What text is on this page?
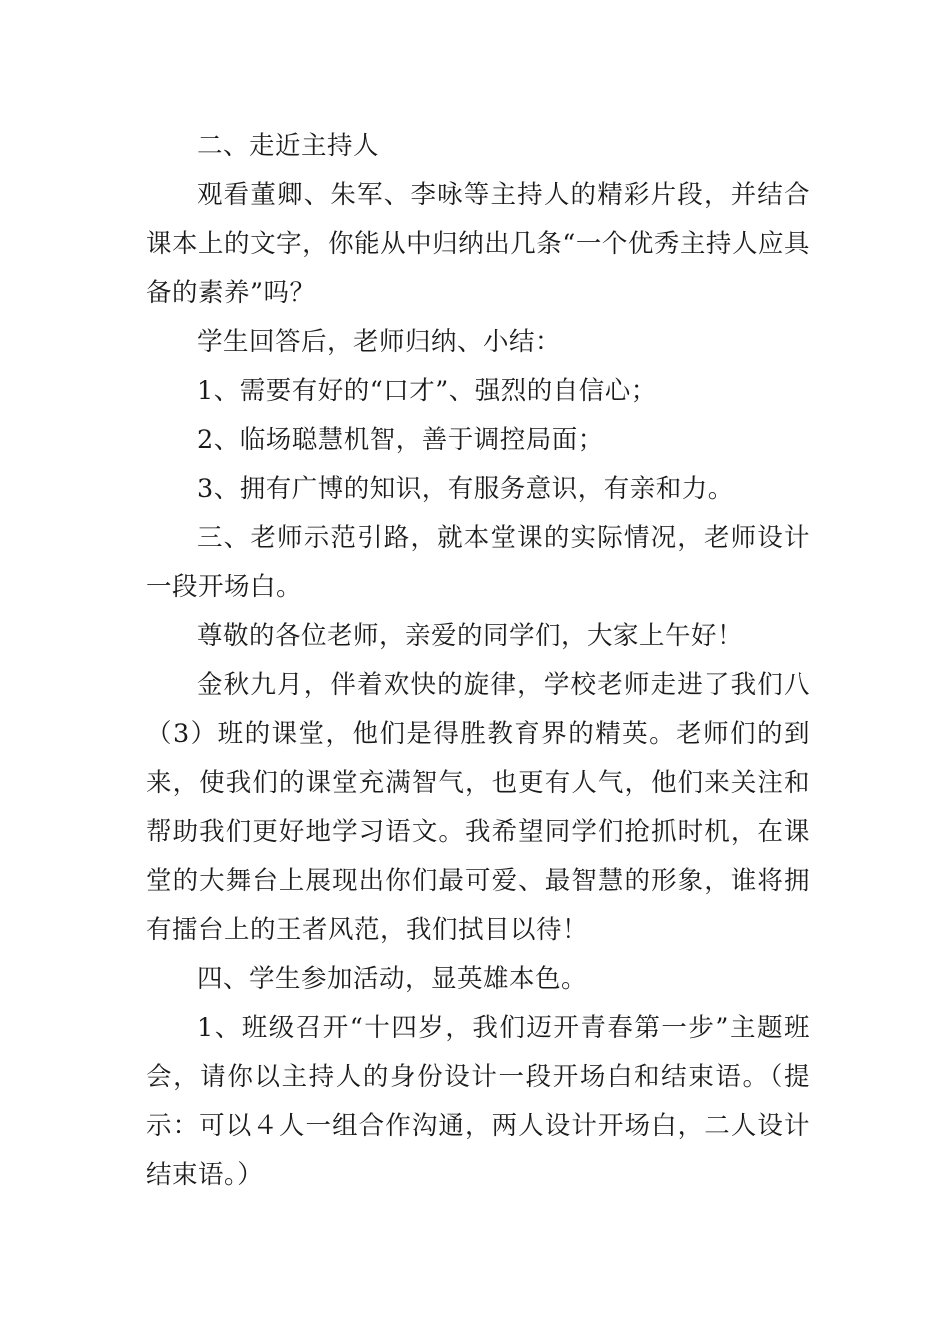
二、走近主持人

观看董卿、朱军、李咏等主持人的精彩片段，并结合课本上的文字，你能从中归纳出几条“一个优秀主持人应具备的素养”吗？

学生回答后，老师归纳、小结：

1、需要有好的“口才”、强烈的自信心；

2、临场聪慧机智，善于调控局面；

3、拥有广博的知识，有服务意识，有亲和力。

三、老师示范引路，就本堂课的实际情况，老师设计一段开场白。

尊敬的各位老师，亲爱的同学们，大家上午好！

金秋九月，伴着欢快的旋律，学校老师走进了我们八（3）班的课堂，他们是得胜教育界的精英。老师们的到来，使我们的课堂充满智气，也更有人气，他们来关注和帮助我们更好地学习语文。我希望同学们抢抓时机，在课堂的大舞台上展现出你们最可爱、最智慧的形象，谁将拥有擂台上的王者风范，我们拭目以待！

四、学生参加活动，显英雄本色。

1、班级召开“十四岁，我们迈开青春第一步”主题班会，请你以主持人的身份设计一段开场白和结束语。（提示：可以４人一组合作沟通，两人设计开场白，二人设计结束语。）
